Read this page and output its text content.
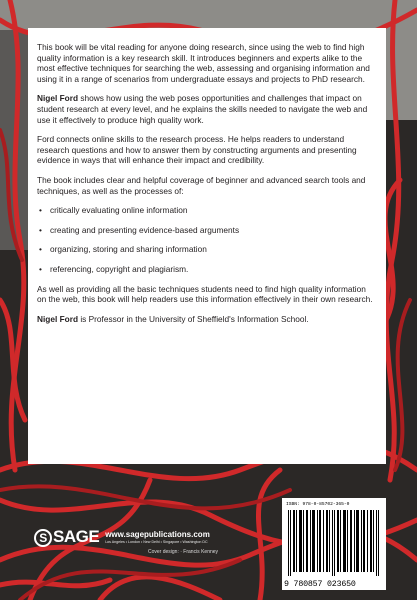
This book will be vital reading for anyone doing research, since using the web to find high quality information is a key research skill. It introduces beginners and experts alike to the most effective techniques for searching the web, assessing and organising information and using it in a range of scenarios from undergraduate essays and projects to PhD research.

Nigel Ford shows how using the web poses opportunities and challenges that impact on student research at every level, and he explains the skills needed to navigate the web and use it effectively to produce high quality work.

Ford connects online skills to the research process. He helps readers to understand research questions and how to answer them by constructing arguments and presenting evidence in ways that will enhance their impact and credibility.

The book includes clear and helpful coverage of beginner and advanced search tools and techniques, as well as the processes of:

• critically evaluating online information
• creating and presenting evidence-based arguments
• organizing, storing and sharing information
• referencing, copyright and plagiarism.

As well as providing all the basic techniques students need to find high quality information on the web, this book will help readers use this information effectively in their own research.

Nigel Ford is Professor in the University of Sheffield's Information School.

S SAGE www.sagepublications.com
Los Angeles • London • New Delhi • Singapore • Washington DC
Cover design: · Francis Kenney
ISBN: 978-0-85702-365-0
9 780857 023650
